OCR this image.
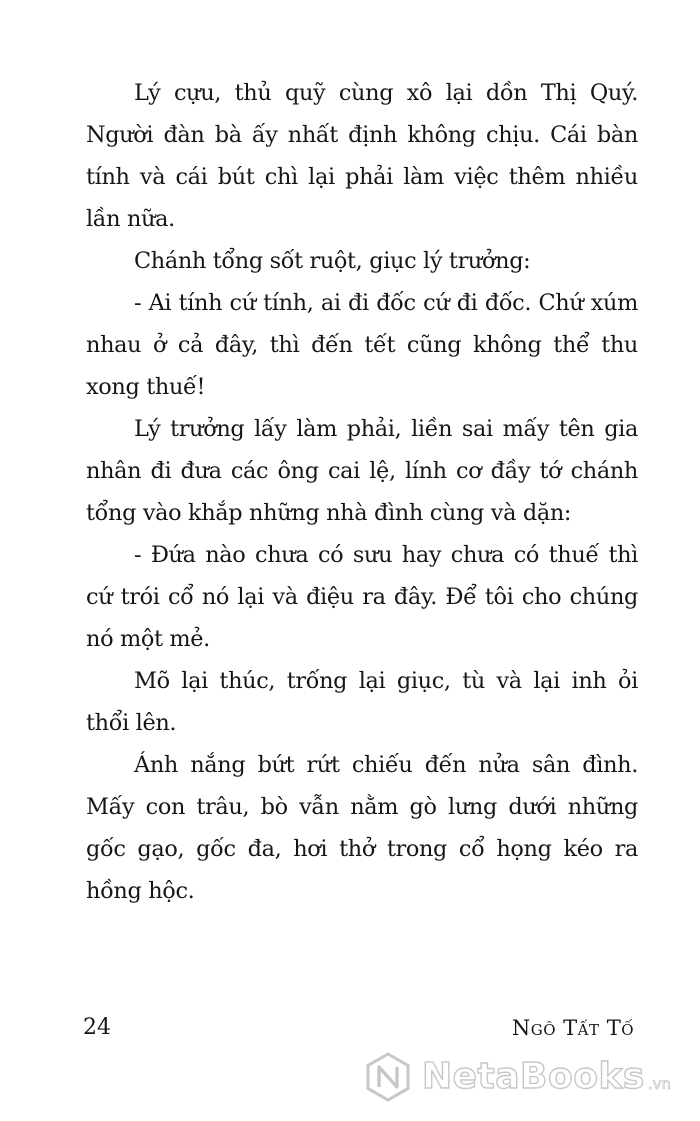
Lý cựu, thủ quỹ cùng xô lại dồn Thị Quý. Người đàn bà ấy nhất định không chịu. Cái bàn tính và cái bút chì lại phải làm việc thêm nhiều lần nữa.

Chánh tổng sốt ruột, giục lý trưởng:

- Ai tính cứ tính, ai đi đốc cứ đi đốc. Chứ xúm nhau ở cả đây, thì đến tết cũng không thể thu xong thuế!

Lý trưởng lấy làm phải, liền sai mấy tên gia nhân đi đưa các ông cai lệ, lính cơ đầy tớ chánh tổng vào khắp những nhà đình cùng và dặn:

- Đứa nào chưa có sưu hay chưa có thuế thì cứ trói cổ nó lại và điệu ra đây. Để tôi cho chúng nó một mẻ.

Mõ lại thúc, trống lại giục, tù và lại inh ỏi thổi lên.

Ánh nắng bứt rứt chiếu đến nửa sân đình. Mấy con trâu, bò vẫn nằm gò lưng dưới những gốc gạo, gốc đa, hơi thở trong cổ họng kéo ra hồng hộc.

24	Ngô Tất Tố
NetaBooks .vn
